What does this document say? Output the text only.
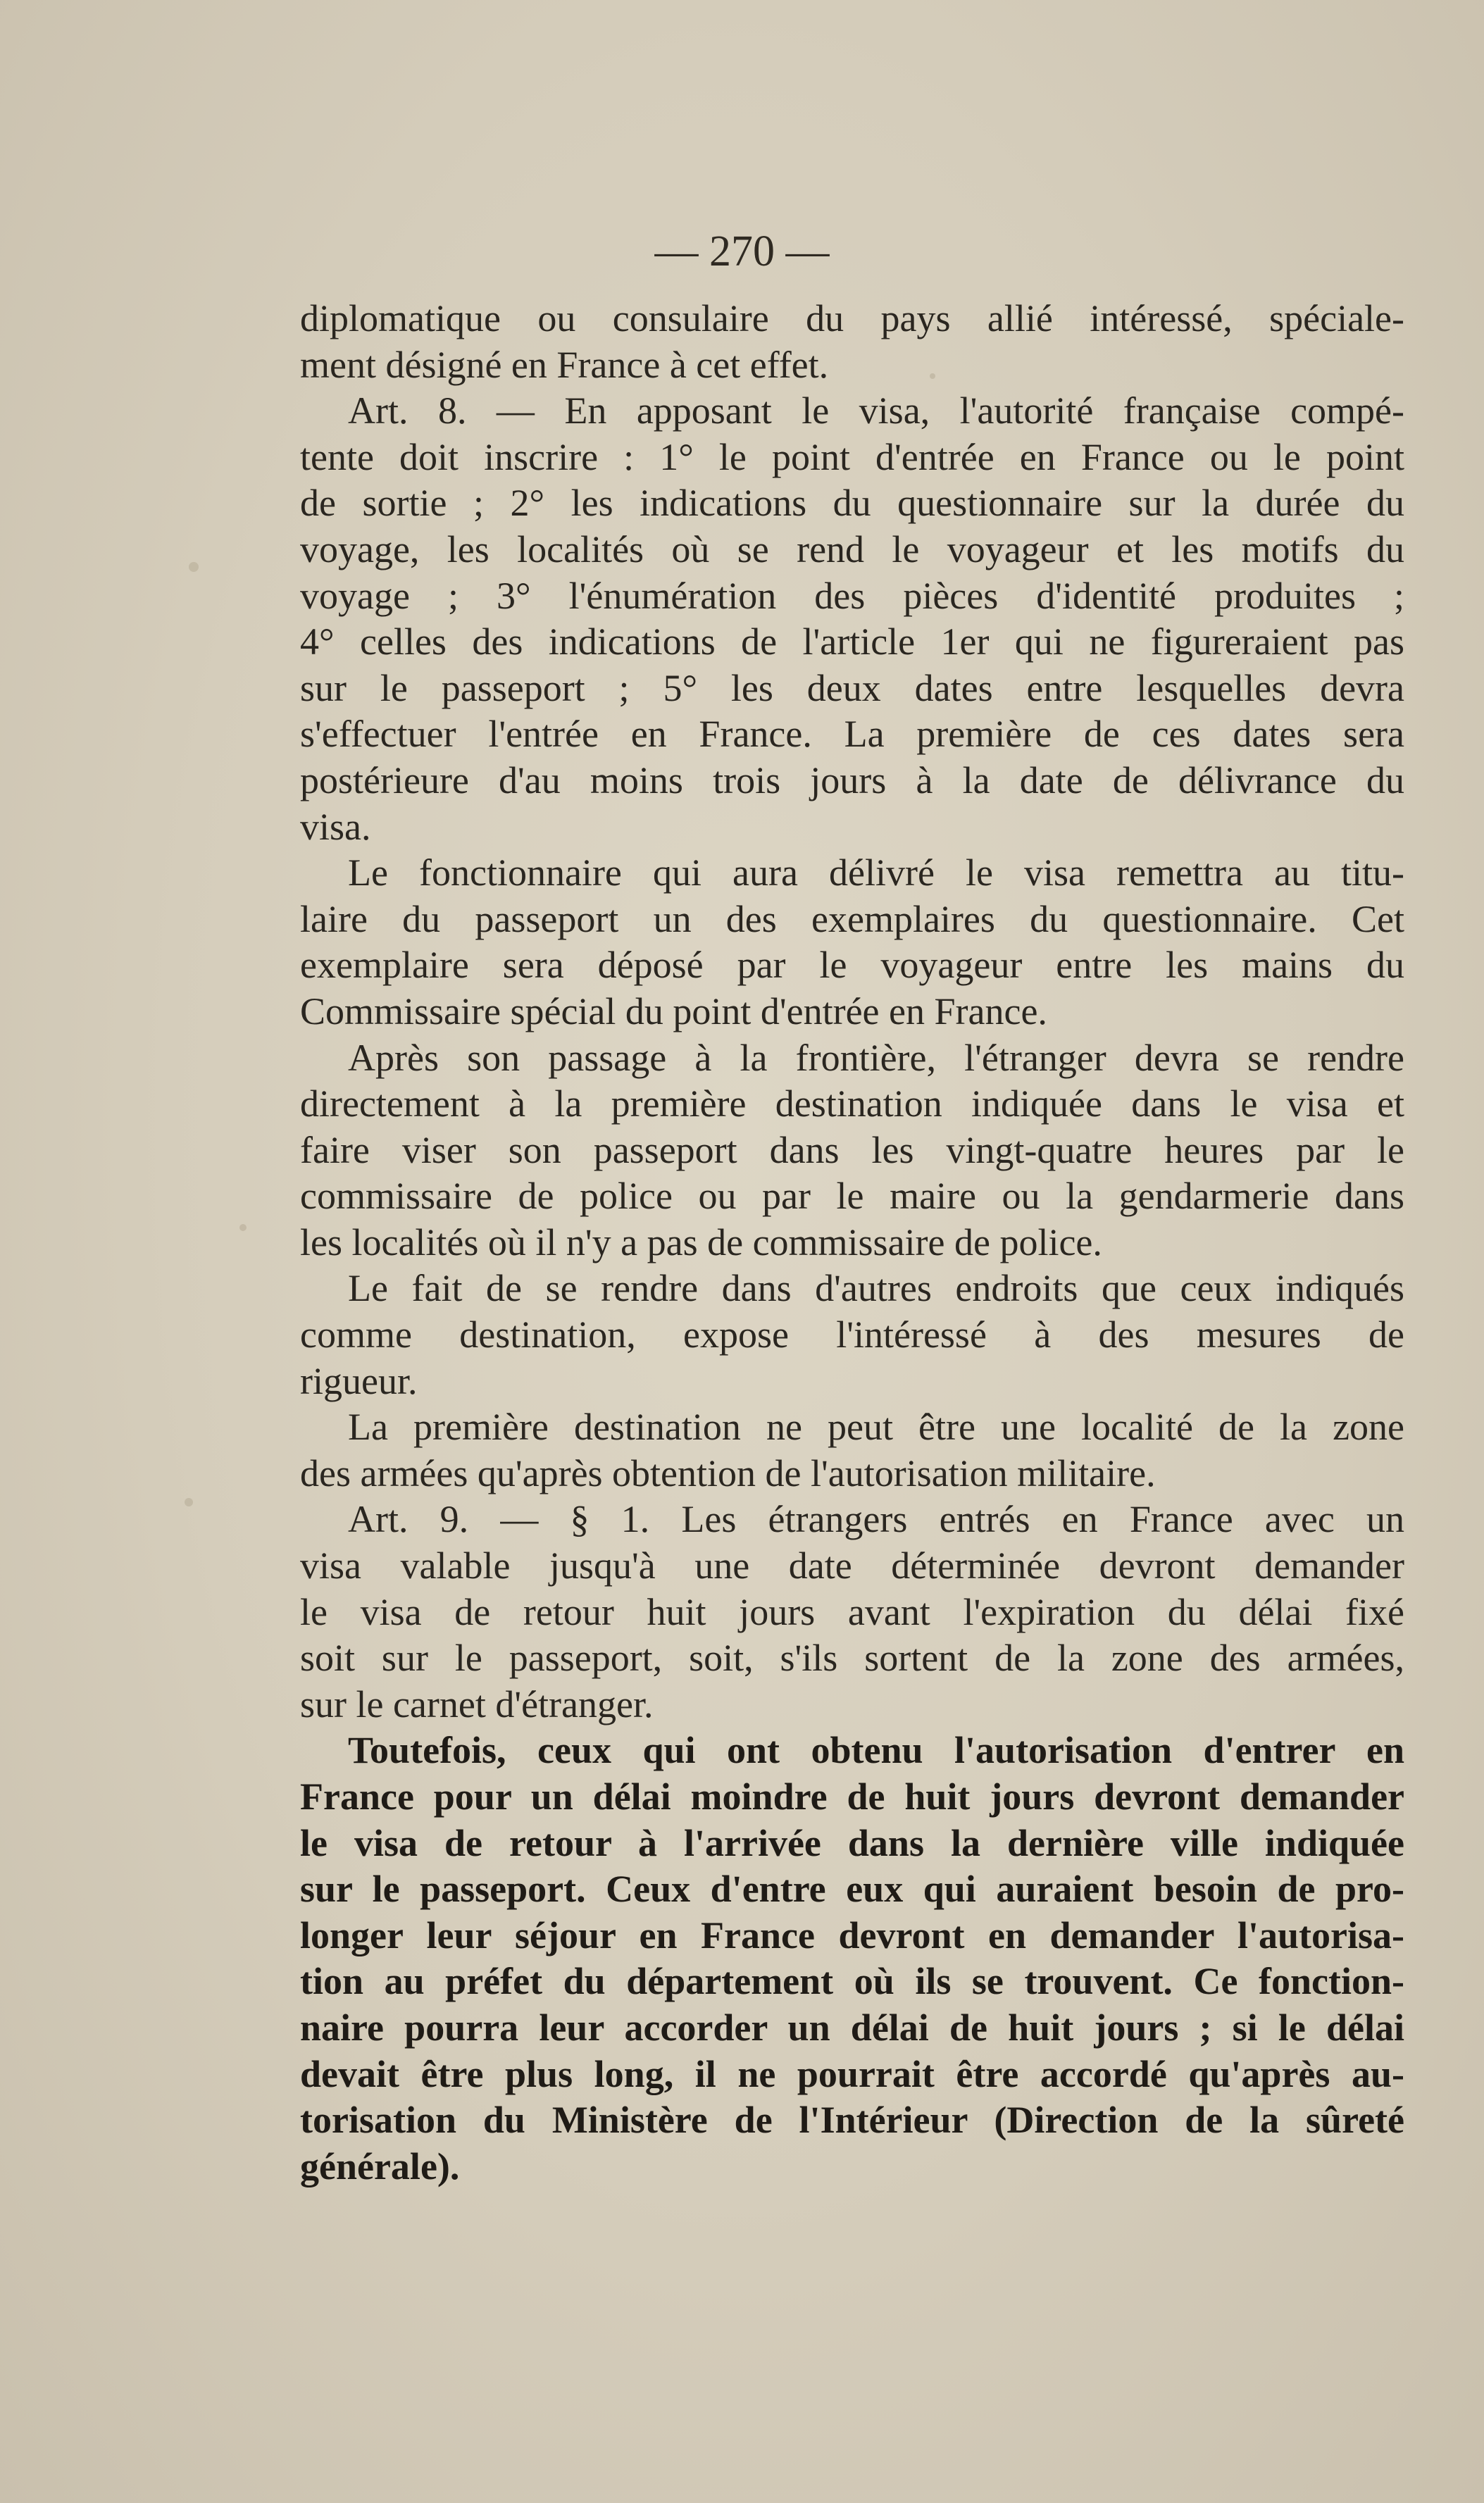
— 270 —
diplomatique ou consulaire du pays allié intéressé, spéciale-
ment désigné en France à cet effet.
Art. 8. — En apposant le visa, l'autorité française compé-
tente doit inscrire : 1° le point d'entrée en France ou le point
de sortie ; 2° les indications du questionnaire sur la durée du
voyage, les localités où se rend le voyageur et les motifs du
voyage ; 3° l'énumération des pièces d'identité produites ;
4° celles des indications de l'article 1er qui ne figureraient pas
sur le passeport ; 5° les deux dates entre lesquelles devra
s'effectuer l'entrée en France. La première de ces dates sera
postérieure d'au moins trois jours à la date de délivrance du
visa.
Le fonctionnaire qui aura délivré le visa remettra au titu-
laire du passeport un des exemplaires du questionnaire. Cet
exemplaire sera déposé par le voyageur entre les mains du
Commissaire spécial du point d'entrée en France.
Après son passage à la frontière, l'étranger devra se rendre
directement à la première destination indiquée dans le visa et
faire viser son passeport dans les vingt-quatre heures par le
commissaire de police ou par le maire ou la gendarmerie dans
les localités où il n'y a pas de commissaire de police.
Le fait de se rendre dans d'autres endroits que ceux indiqués
comme destination, expose l'intéressé à des mesures de
rigueur.
La première destination ne peut être une localité de la zone
des armées qu'après obtention de l'autorisation militaire.
Art. 9. — § 1. Les étrangers entrés en France avec un
visa valable jusqu'à une date déterminée devront demander
le visa de retour huit jours avant l'expiration du délai fixé
soit sur le passeport, soit, s'ils sortent de la zone des armées,
sur le carnet d'étranger.
Toutefois, ceux qui ont obtenu l'autorisation d'entrer en
France pour un délai moindre de huit jours devront demander
le visa de retour à l'arrivée dans la dernière ville indiquée
sur le passeport. Ceux d'entre eux qui auraient besoin de pro-
longer leur séjour en France devront en demander l'autorisa-
tion au préfet du département où ils se trouvent. Ce fonction-
naire pourra leur accorder un délai de huit jours ; si le délai
devait être plus long, il ne pourrait être accordé qu'après au-
torisation du Ministère de l'Intérieur (Direction de la sûreté
générale).
